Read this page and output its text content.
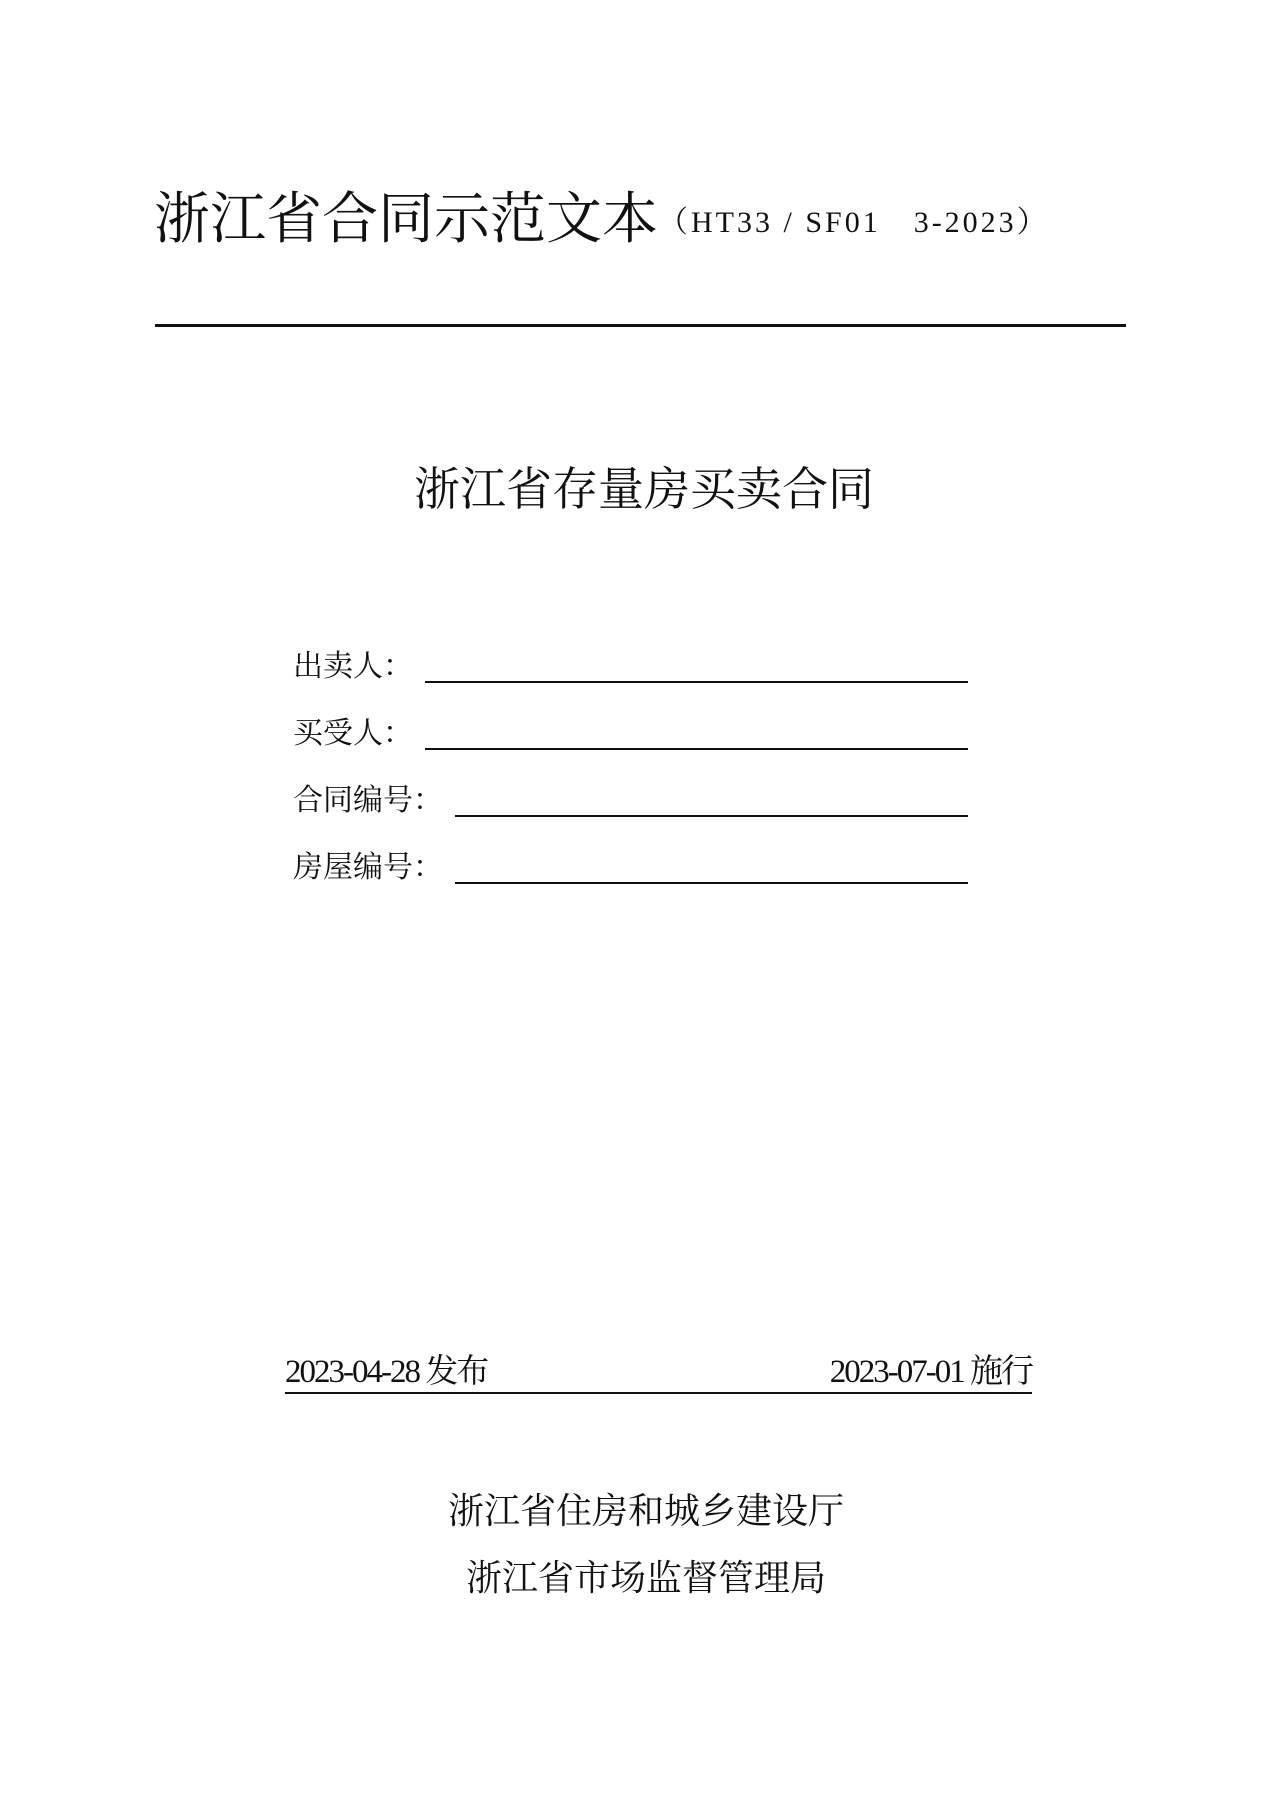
浙江省合同示范文本（HT33 / SF01　3-2023）
浙江省存量房买卖合同
出卖人：
买受人：
合同编号：
房屋编号：
2023-04-28 发布	2023-07-01 施行
浙江省住房和城乡建设厅
浙江省市场监督管理局
